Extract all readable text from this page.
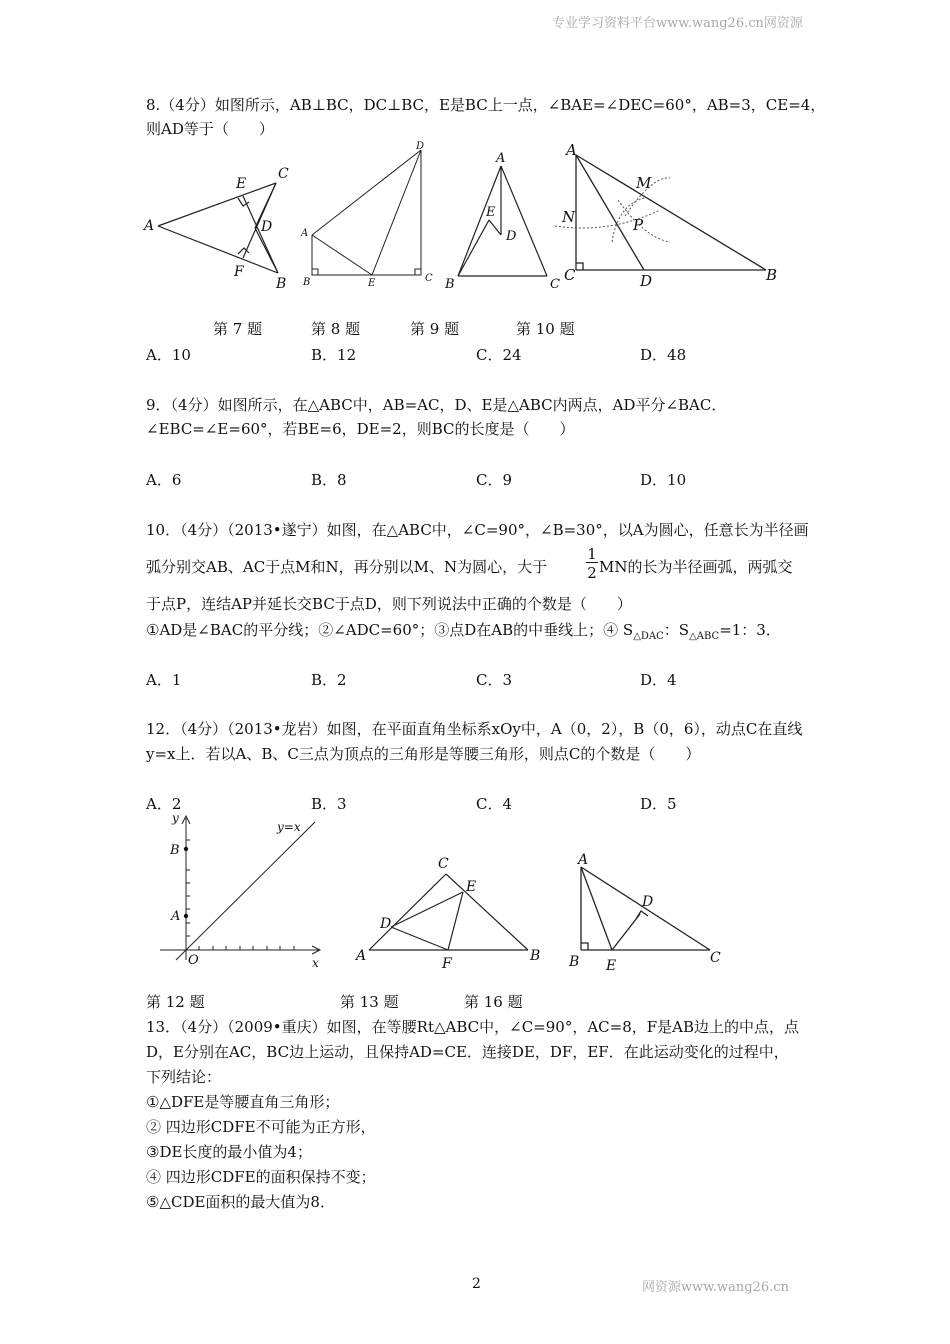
专业学习资料平台www.wang26.cn网资源
2	网资源www.wang26.cn
8.（4分）如图所示，AB⊥BC，DC⊥BC，E是BC上一点，∠BAE=∠DEC=60°，AB=3，CE=4，
则AD等于（　　）
A
E
C
D
F
B
D
A
B	E	C
A
E
D
B	C
A
M
N	P
C	D	B
第 7 题	第 8 题	第 9 题	第 10 题
A．10	B．12	C．24	D．48
9．（4分）如图所示，在△ABC中，AB=AC，D、E是△ABC内两点，AD平分∠BAC．
∠EBC=∠E=60°，若BE=6，DE=2，则BC的长度是（　　）
A．6	B．8	C．9	D．10
10．（4分）（2013•遂宁）如图，在△ABC中，∠C=90°，∠B=30°，以A为圆心，任意长为半径画
弧分别交AB、AC于点M和N，再分别以M、N为圆心，大于
1
2 MN的长为半径画弧，两弧交
于点P，连结AP并延长交BC于点D，则下列说法中正确的个数是（　　）
①AD是∠BAC的平分线；②∠ADC=60°；③点D在AB的中垂线上；④ $S_{\triangle DAC}$：$S_{\triangle ABC}=1$：3．
A．1	B．2	C．3	D．4
12．（4分）（2013•龙岩）如图，在平面直角坐标系xOy中，A（0，2），B（0，6），动点C在直线
y=x上．若以A、B、C三点为顶点的三角形是等腰三角形，则点C的个数是（　　）
A．2	B．3	C．4	D．5
y
y=x
B
A
O	x
C
E
D
A	F	B
A
D
B E	C
第 12 题	第 13 题	第 16 题
13．（4分）（2009•重庆）如图，在等腰Rt△ABC中，∠C=90°，AC=8，F是AB边上的中点，点
D，E分别在AC，BC边上运动，且保持AD=CE．连接DE，DF，EF．在此运动变化的过程中，
下列结论：
①△DFE是等腰直角三角形；
② 四边形CDFE不可能为正方形，
③DE长度的最小值为4；
④ 四边形CDFE的面积保持不变；
⑤△CDE面积的最大值为8．
